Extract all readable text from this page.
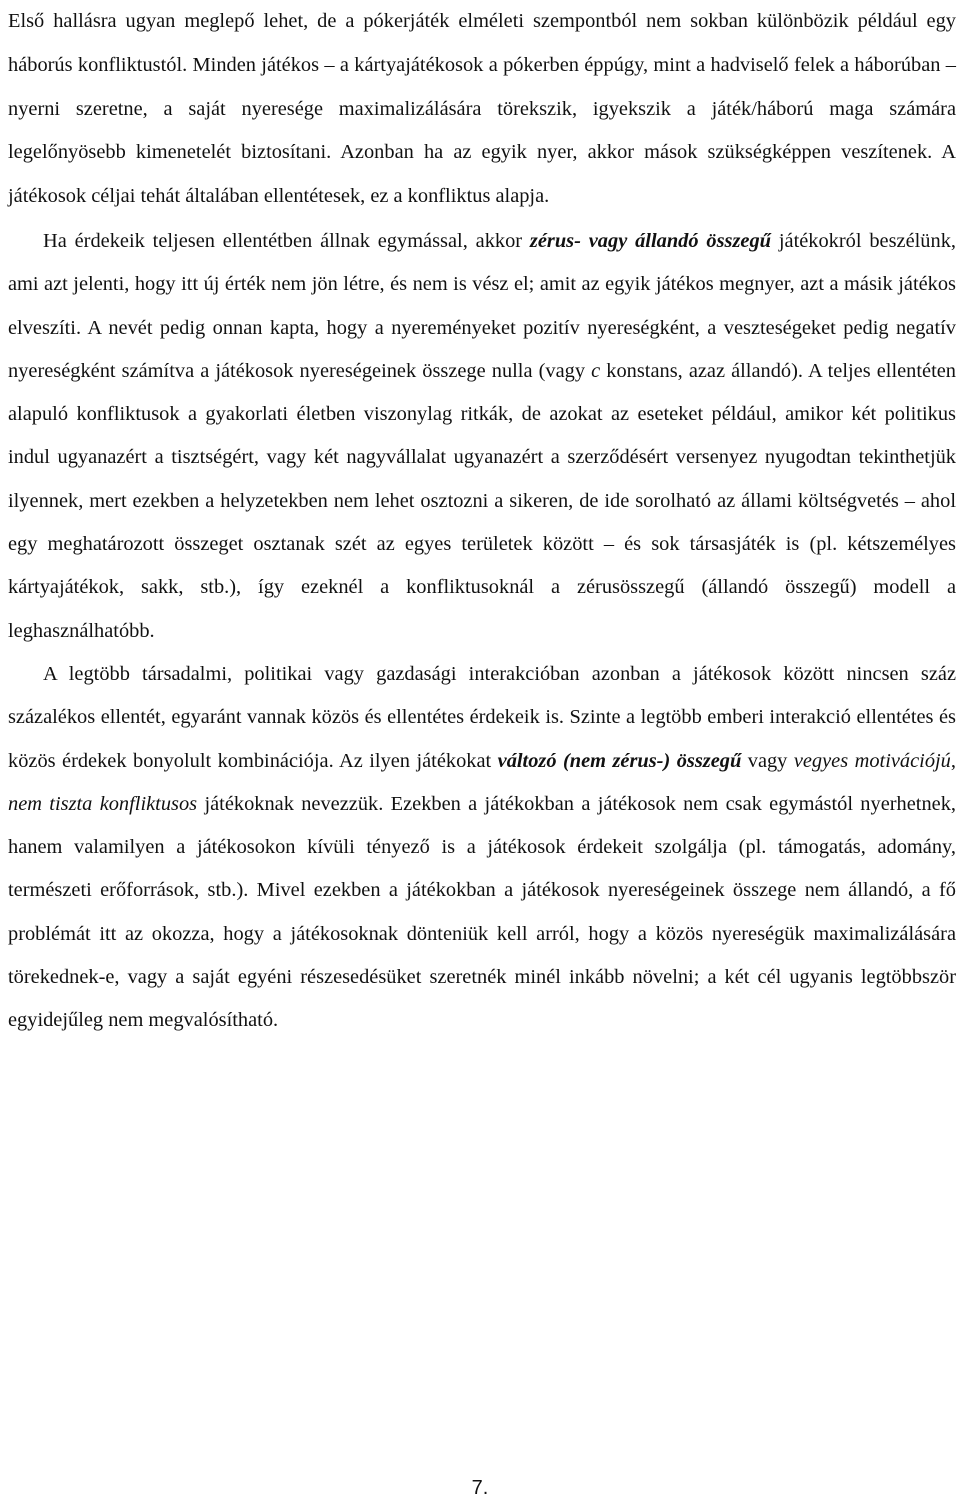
Első hallásra ugyan meglepő lehet, de a pókerjáték elméleti szempontból nem sokban különbözik például egy háborús konfliktustól. Minden játékos – a kártyajátékosok a pókerben éppúgy, mint a hadviselő felek a háborúban – nyerni szeretne, a saját nyeresége maximalizálására törekszik, igyekszik a játék/háború maga számára legelőnyösebb kimenetelét biztosítani. Azonban ha az egyik nyer, akkor mások szükségképpen veszítenek. A játékosok céljai tehát általában ellentétesek, ez a konfliktus alapja.

Ha érdekeik teljesen ellentétben állnak egymással, akkor zérus- vagy állandó összegű játékokról beszélünk, ami azt jelenti, hogy itt új érték nem jön létre, és nem is vész el; amit az egyik játékos megnyer, azt a másik játékos elveszíti. A nevét pedig onnan kapta, hogy a nyereményeket pozitív nyereségként, a veszteségeket pedig negatív nyereségként számítva a játékosok nyereségeinek összege nulla (vagy c konstans, azaz állandó). A teljes ellentéten alapuló konfliktusok a gyakorlati életben viszonylag ritkák, de azokat az eseteket például, amikor két politikus indul ugyanazért a tisztségért, vagy két nagyvállalat ugyanazért a szerződésért versenyez nyugodtan tekinthetjük ilyennek, mert ezekben a helyzetekben nem lehet osztozni a sikeren, de ide sorolható az állami költségvetés – ahol egy meghatározott összeget osztanak szét az egyes területek között – és sok társasjáték is (pl. kétszemélyes kártyajátékok, sakk, stb.), így ezeknél a konfliktusoknál a zérusösszegű (állandó összegű) modell a leghasználhatóbb.

A legtöbb társadalmi, politikai vagy gazdasági interakcióban azonban a játékosok között nincsen száz százalékos ellentét, egyaránt vannak közös és ellentétes érdekeik is. Szinte a legtöbb emberi interakció ellentétes és közös érdekek bonyolult kombinációja. Az ilyen játékokat változó (nem zérus-) összegű vagy vegyes motivációjú, nem tiszta konfliktusos játékoknak nevezzük. Ezekben a játékokban a játékosok nem csak egymástól nyerhetnek, hanem valamilyen a játékosokon kívüli tényező is a játékosok érdekeit szolgálja (pl. támogatás, adomány, természeti erőforrások, stb.). Mivel ezekben a játékokban a játékosok nyereségeinek összege nem állandó, a fő problémát itt az okozza, hogy a játékosoknak dönteniük kell arról, hogy a közös nyereségük maximalizálására törekednek-e, vagy a saját egyéni részesedésüket szeretnék minél inkább növelni; a két cél ugyanis legtöbbször egyidejűleg nem megvalósítható.

7.
